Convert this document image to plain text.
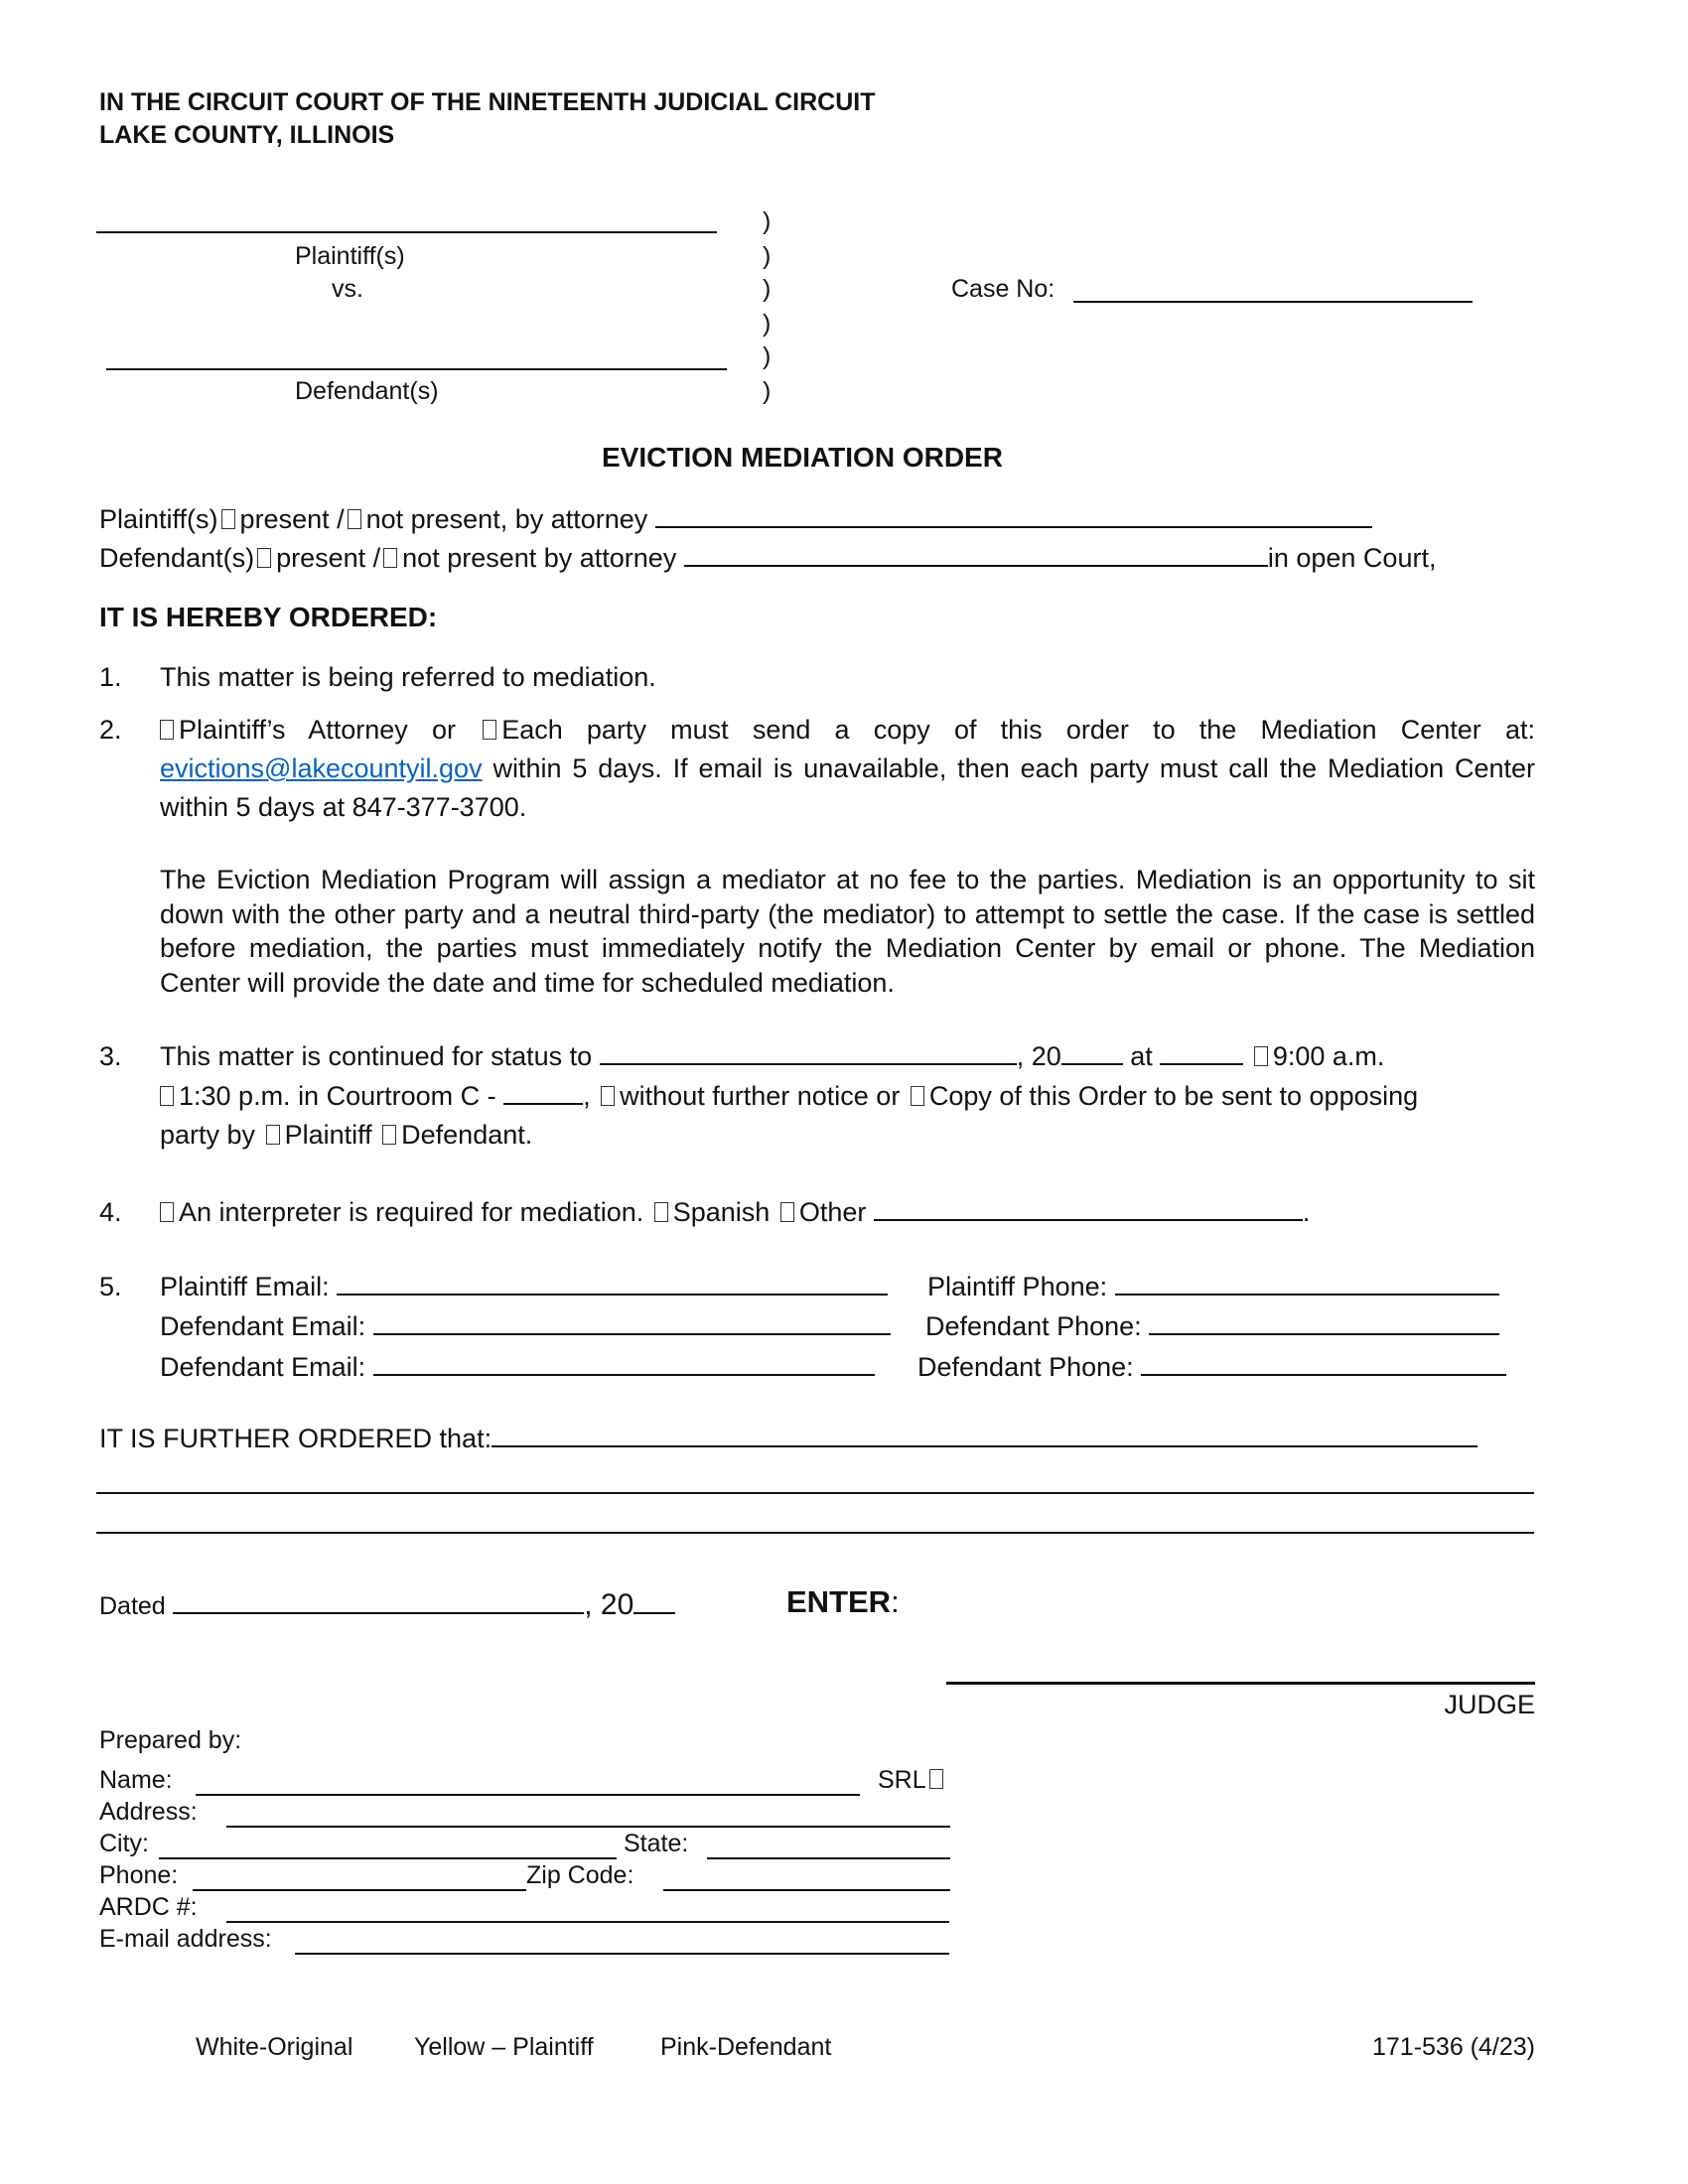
IN THE CIRCUIT COURT OF THE NINETEENTH JUDICIAL CIRCUIT
LAKE COUNTY, ILLINOIS
Plaintiff(s)
vs.
Defendant(s)
)
)
)
)
)
)
Case No:
EVICTION MEDIATION ORDER
Plaintiff(s) present / not present, by attorney
Defendant(s) present / not present by attorney	in open Court,
IT IS HEREBY ORDERED:
1. This matter is being referred to mediation.
2.	Plaintiff’s Attorney or Each party must send a copy of this order to the Mediation Center at: evictions@lakecountyil.gov within 5 days. If email is unavailable, then each party must call the Mediation Center within 5 days at 847-377-3700.
The Eviction Mediation Program will assign a mediator at no fee to the parties. Mediation is an opportunity to sit down with the other party and a neutral third-party (the mediator) to attempt to settle the case. If the case is settled before mediation, the parties must immediately notify the Mediation Center by email or phone. The Mediation Center will provide the date and time for scheduled mediation.
3. This matter is continued for status to	, 20 at	9:00 a.m.
1:30 p.m. in Courtroom C -	, without further notice or Copy of this Order to be sent to opposing
party by Plaintiff Defendant.
4.	An interpreter is required for mediation. Spanish Other	.
5. Plaintiff Email:	Plaintiff Phone:
Defendant Email:	Defendant Phone:
Defendant Email:	Defendant Phone:
IT IS FURTHER ORDERED that:
Dated	, 20	ENTER:
JUDGE
Prepared by:
Name:	SRL
Address:
City:	State:
Phone:	Zip Code:
ARDC #:
E-mail address:
White-Original Yellow – Plaintiff	Pink-Defendant	171-536 (4/23)
